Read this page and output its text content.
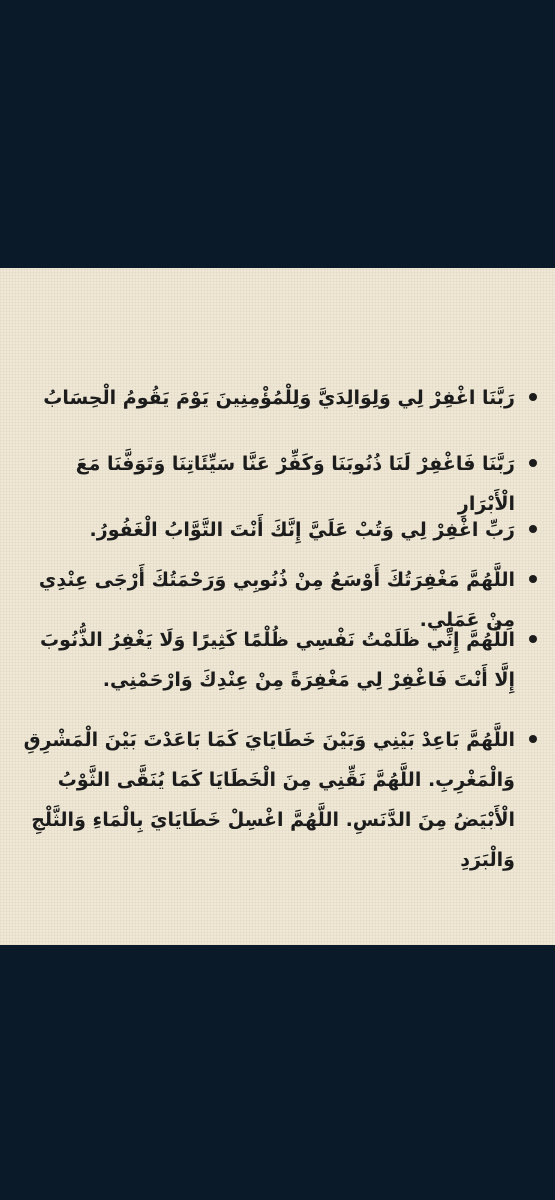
رَبَّنَا اغْفِرْ لِي وَلِوَالِدَيَّ وَلِلْمُؤْمِنِينَ يَوْمَ يَقُومُ الْحِسَابُ
رَبَّنَا فَاغْفِرْ لَنَا ذُنُوبَنَا وَكَفِّرْ عَنَّا سَيِّئَاتِنَا وَتَوَفَّنَا مَعَ الْأَبْرَارِ
رَبِّ اغْفِرْ لِي وَتُبْ عَلَيَّ إِنَّكَ أَنْتَ التَّوَّابُ الْغَفُورُ.
اللَّهُمَّ مَغْفِرَتُكَ أَوْسَعُ مِنْ ذُنُوبِي وَرَحْمَتُكَ أَرْجَى عِنْدِي مِنْ عَمَلِي.
اللَّهُمَّ إِنِّي ظَلَمْتُ نَفْسِي ظُلْمًا كَثِيرًا وَلَا يَغْفِرُ الذُّنُوبَ إِلَّا أَنْتَ فَاغْفِرْ لِي مَغْفِرَةً مِنْ عِنْدِكَ وَارْحَمْنِي.
اللَّهُمَّ بَاعِدْ بَيْنِي وَبَيْنَ خَطَايَايَ كَمَا بَاعَدْتَ بَيْنَ الْمَشْرِقِ وَالْمَغْرِبِ. اللَّهُمَّ نَقِّنِي مِنَ الْخَطَايَا كَمَا يُنَقَّى الثَّوْبُ الْأَبْيَضُ مِنَ الدَّنَسِ. اللَّهُمَّ اغْسِلْ خَطَايَايَ بِالْمَاءِ وَالثَّلْجِ وَالْبَرَدِ
